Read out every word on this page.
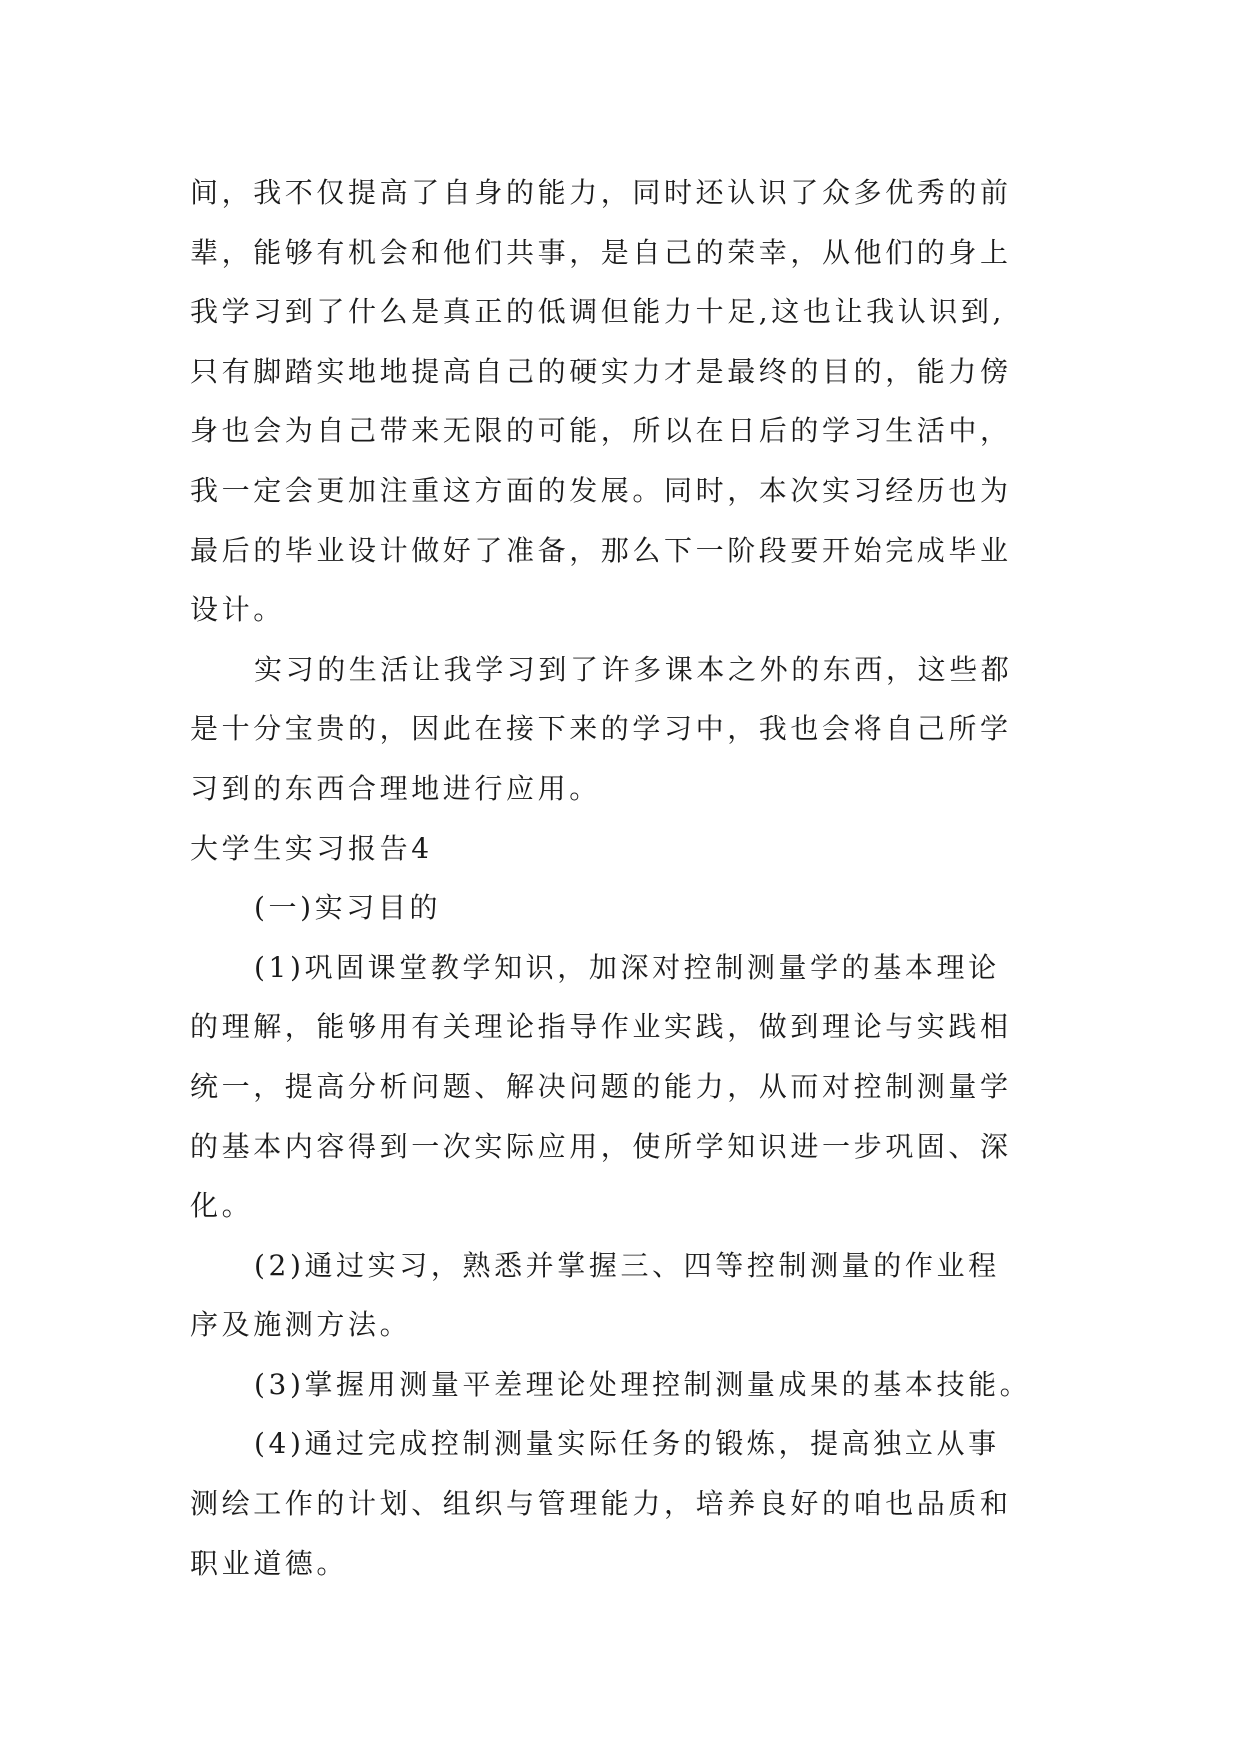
间，我不仅提高了自身的能力，同时还认识了众多优秀的前
辈，能够有机会和他们共事，是自己的荣幸，从他们的身上
我学习到了什么是真正的低调但能力十足,这也让我认识到,
只有脚踏实地地提高自己的硬实力才是最终的目的，能力傍
身也会为自己带来无限的可能，所以在日后的学习生活中，
我一定会更加注重这方面的发展。同时，本次实习经历也为
最后的毕业设计做好了准备，那么下一阶段要开始完成毕业
设计。
实习的生活让我学习到了许多课本之外的东西，这些都
是十分宝贵的，因此在接下来的学习中，我也会将自己所学
习到的东西合理地进行应用。
大学生实习报告4
(一)实习目的
(1)巩固课堂教学知识，加深对控制测量学的基本理论
的理解，能够用有关理论指导作业实践，做到理论与实践相
统一，提高分析问题、解决问题的能力，从而对控制测量学
的基本内容得到一次实际应用，使所学知识进一步巩固、深
化。
(2)通过实习，熟悉并掌握三、四等控制测量的作业程
序及施测方法。
(3)掌握用测量平差理论处理控制测量成果的基本技能。
(4)通过完成控制测量实际任务的锻炼，提高独立从事
测绘工作的计划、组织与管理能力，培养良好的咱也品质和
职业道德。
